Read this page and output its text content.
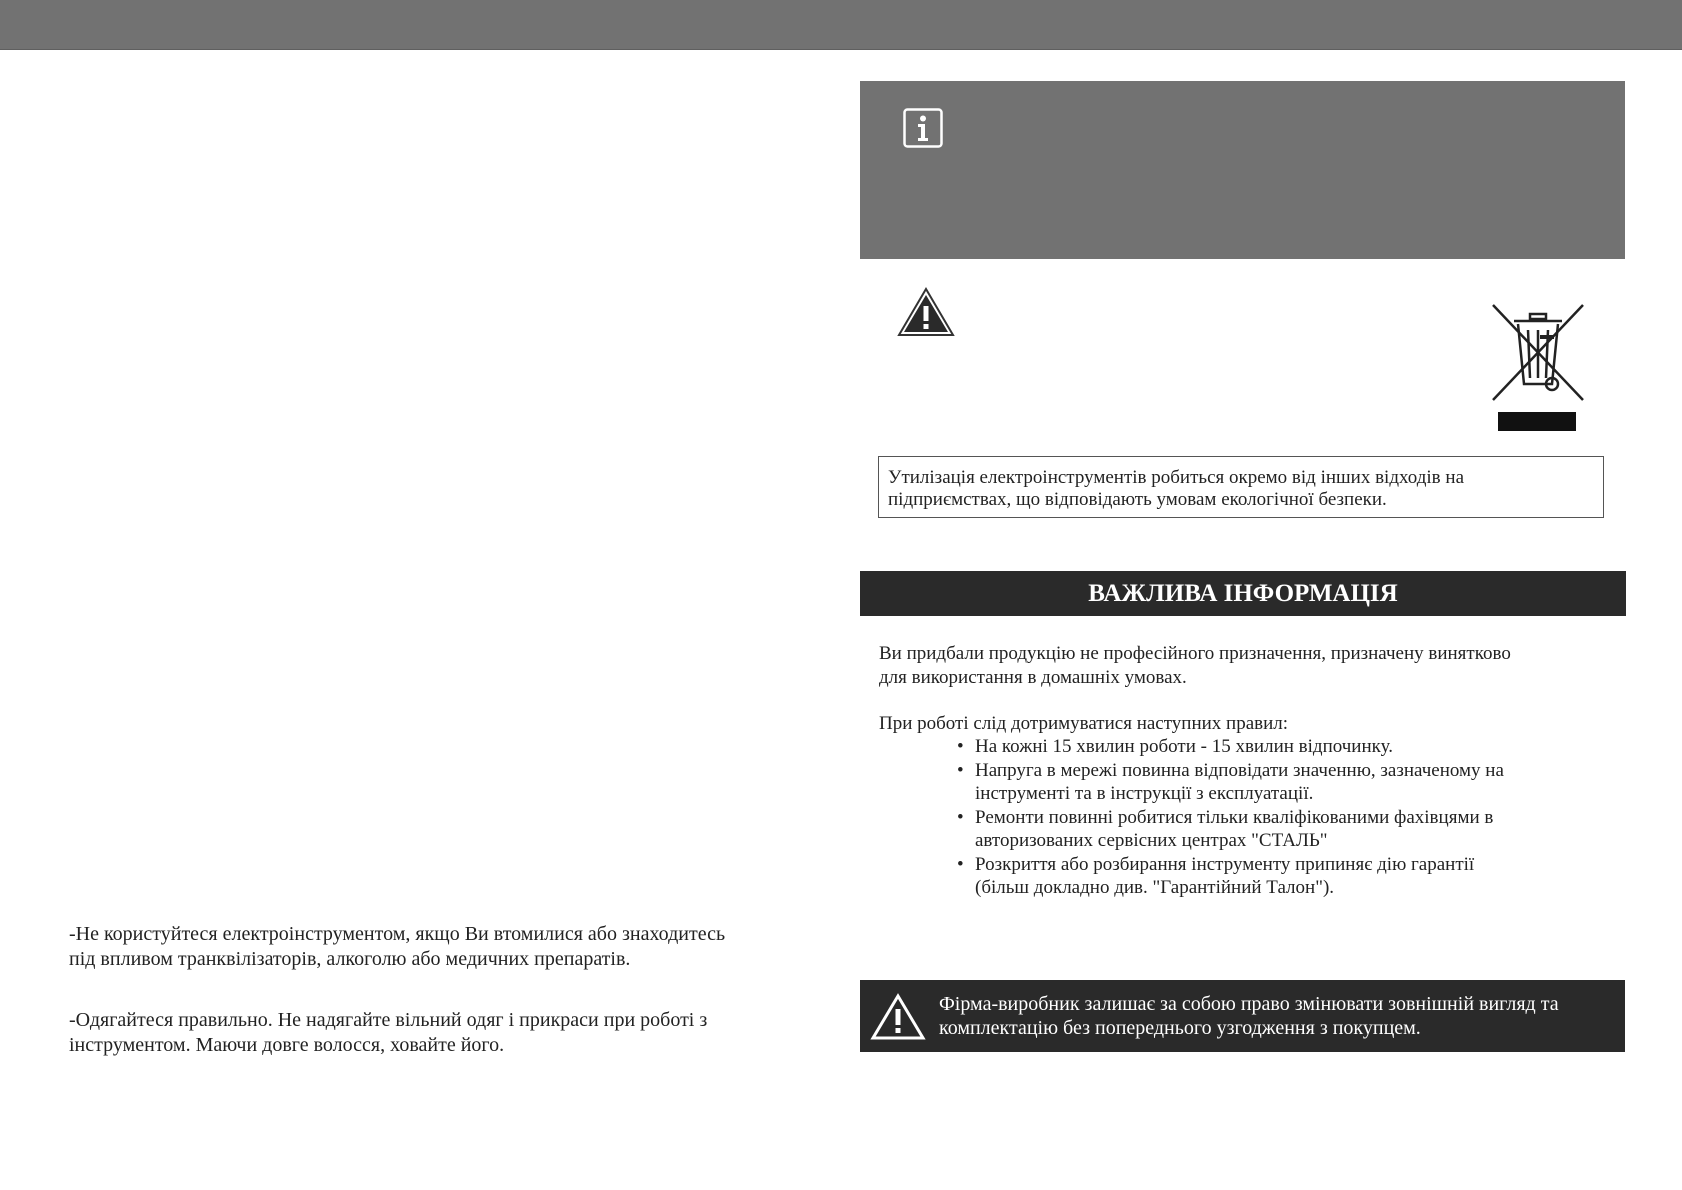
-Не користуйтеся електроінструментом, якщо Ви втомилися або знаходитесь

під впливом транквілізаторів, алкоголю або медичних препаратів.

-Одягайтеся правильно. Не надягайте вільний одяг і прикраси при роботі з

інструментом. Маючи довге волосся, ховайте його.

Утилізація електроінструментів робиться окремо від інших відходів на
підприємствах, що відповідають умовам екологічної безпеки.
ВАЖЛИВА ІНФОРМАЦІЯ
Ви придбали продукцію не професійного призначення, призначену винятково
для використання в домашніх умовах.
При роботі слід дотримуватися наступних правил:
• На кожні 15 хвилин роботи - 15 хвилин відпочинку.
• Напруга в мережі повинна відповідати значенню, зазначеному на
інструменті та в інструкції з експлуатації.
• Ремонти повинні робитися тільки кваліфікованими фахівцями в
авторизованих сервісних центрах "СТАЛЬ"
• Розкриття або розбирання інструменту припиняє дію гарантії
(більш докладно див. "Гарантійний Талон").
Фірма-виробник залишає за собою право змінювати зовнішній вигляд та
комплектацію без попереднього узгодження з покупцем.
